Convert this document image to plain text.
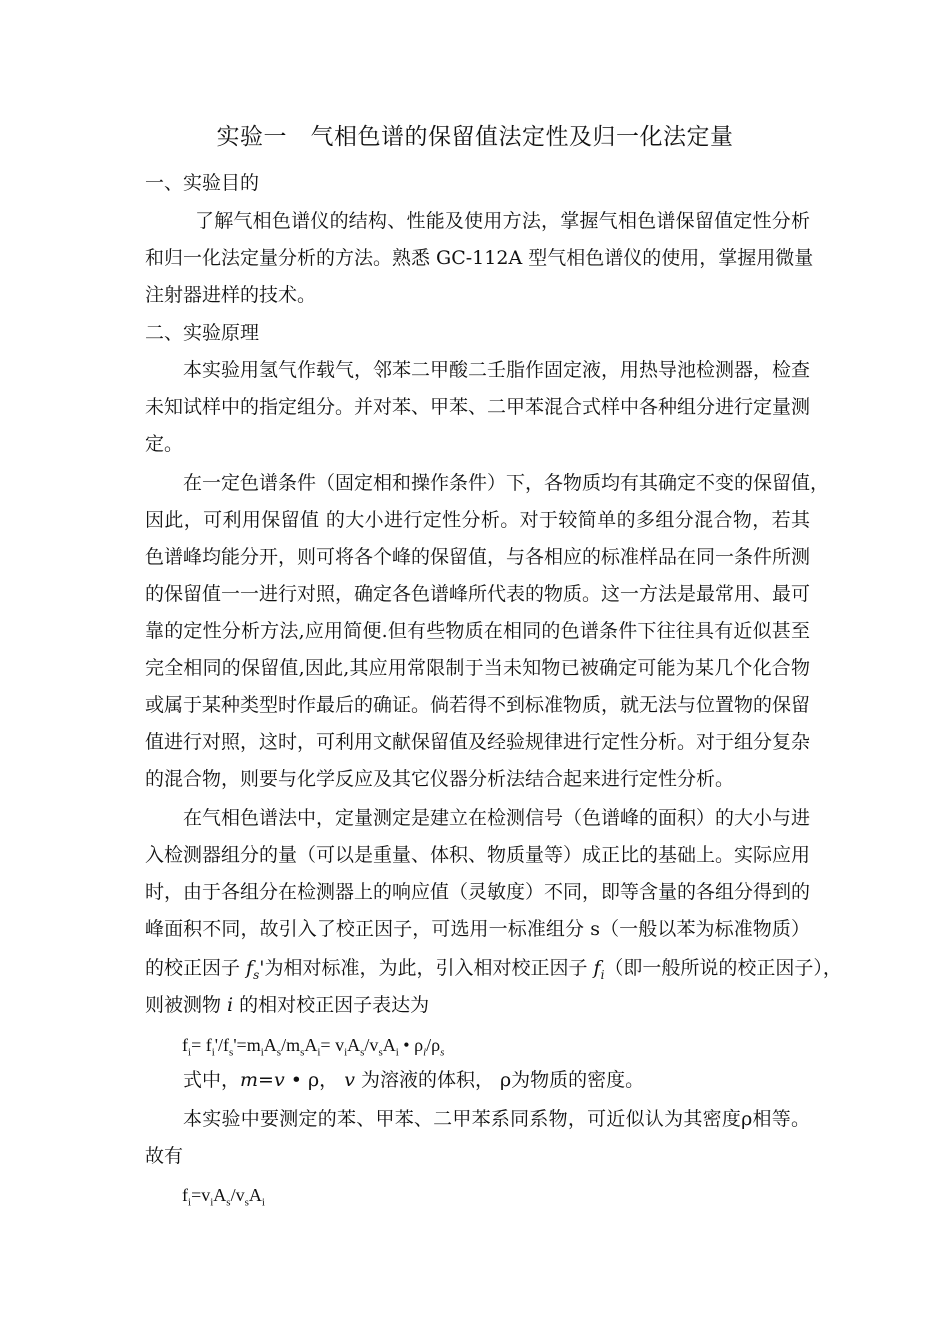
实验一　气相色谱的保留值法定性及归一化法定量
一、实验目的
了解气相色谱仪的结构、性能及使用方法，掌握气相色谱保留值定性分析
和归一化法定量分析的方法。熟悉 GC-112A 型气相色谱仪的使用，掌握用微量
注射器进样的技术。
二、实验原理
本实验用氢气作载气，邻苯二甲酸二壬脂作固定液，用热导池检测器，检查
未知试样中的指定组分。并对苯、甲苯、二甲苯混合式样中各种组分进行定量测
定。
在一定色谱条件（固定相和操作条件）下，各物质均有其确定不变的保留值，
因此，可利用保留值 的大小进行定性分析。对于较简单的多组分混合物，若其
色谱峰均能分开，则可将各个峰的保留值，与各相应的标准样品在同一条件所测
的保留值一一进行对照，确定各色谱峰所代表的物质。这一方法是最常用、最可
靠的定性分析方法,应用简便.但有些物质在相同的色谱条件下往往具有近似甚至
完全相同的保留值,因此,其应用常限制于当未知物已被确定可能为某几个化合物
或属于某种类型时作最后的确证。倘若得不到标准物质，就无法与位置物的保留
值进行对照，这时，可利用文献保留值及经验规律进行定性分析。对于组分复杂
的混合物，则要与化学反应及其它仪器分析法结合起来进行定性分析。
在气相色谱法中，定量测定是建立在检测信号（色谱峰的面积）的大小与进
入检测器组分的量（可以是重量、体积、物质量等）成正比的基础上。实际应用
时，由于各组分在检测器上的响应值（灵敏度）不同，即等含量的各组分得到的
峰面积不同，故引入了校正因子，可选用一标准组分 s（一般以苯为标准物质）
的校正因子 $f_s'$为相对标准，为此，引入相对校正因子 $f_i$（即一般所说的校正因子），
则被测物 i 的相对校正因子表达为
$f_i= f_i'/f_s'=m_iA_s/m_sA_i= v_iA_s/v_sA_i$ • $\rho_i/\rho_s$
式中，m=v • ρ， v 为溶液的体积， ρ为物质的密度。
本实验中要测定的苯、甲苯、二甲苯系同系物，可近似认为其密度ρ相等。
故有
$f_i=v_iA_s/v_sA_i$
